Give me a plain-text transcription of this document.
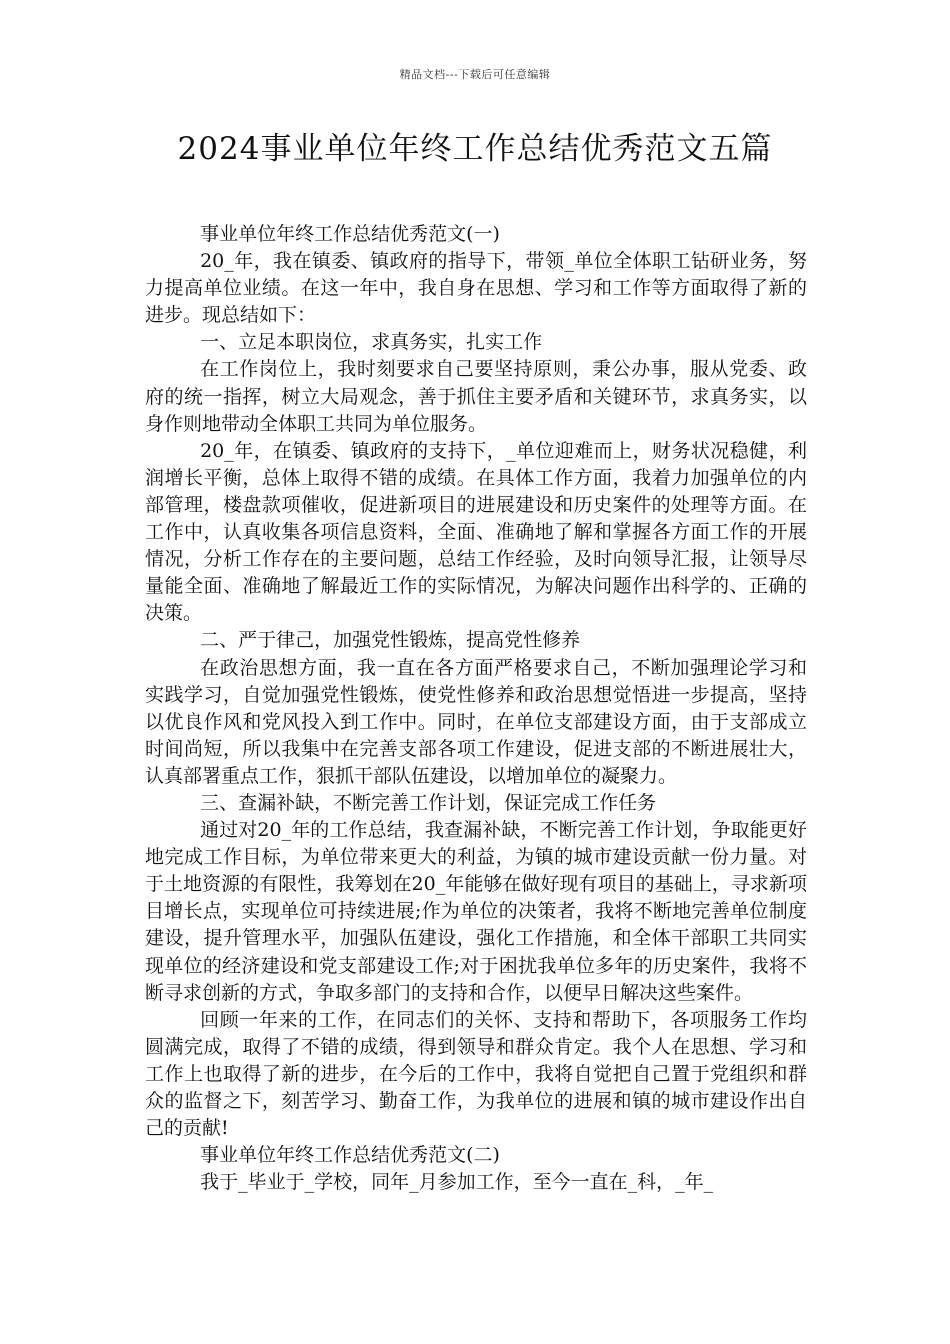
精品文档---下载后可任意编辑
2024事业单位年终工作总结优秀范文五篇

事业单位年终工作总结优秀范文(一)

20_年，我在镇委、镇政府的指导下，带领_单位全体职工钻研业务，努力提高单位业绩。在这一年中，我自身在思想、学习和工作等方面取得了新的进步。现总结如下：

一、立足本职岗位，求真务实，扎实工作

在工作岗位上，我时刻要求自己要坚持原则，秉公办事，服从党委、政府的统一指挥，树立大局观念，善于抓住主要矛盾和关键环节，求真务实，以身作则地带动全体职工共同为单位服务。

20_年，在镇委、镇政府的支持下，_单位迎难而上，财务状况稳健，利润增长平衡，总体上取得不错的成绩。在具体工作方面，我着力加强单位的内部管理，楼盘款项催收，促进新项目的进展建设和历史案件的处理等方面。在工作中，认真收集各项信息资料，全面、准确地了解和掌握各方面工作的开展情况，分析工作存在的主要问题，总结工作经验，及时向领导汇报，让领导尽量能全面、准确地了解最近工作的实际情况，为解决问题作出科学的、正确的决策。

二、严于律己，加强党性锻炼，提高党性修养

在政治思想方面，我一直在各方面严格要求自己，不断加强理论学习和实践学习，自觉加强党性锻炼，使党性修养和政治思想觉悟进一步提高，坚持以优良作风和党风投入到工作中。同时，在单位支部建设方面，由于支部成立时间尚短，所以我集中在完善支部各项工作建设，促进支部的不断进展壮大，认真部署重点工作，狠抓干部队伍建设，以增加单位的凝聚力。

三、查漏补缺，不断完善工作计划，保证完成工作任务

通过对20_年的工作总结，我查漏补缺，不断完善工作计划，争取能更好地完成工作目标，为单位带来更大的利益，为镇的城市建设贡献一份力量。对于土地资源的有限性，我筹划在20_年能够在做好现有项目的基础上，寻求新项目增长点，实现单位可持续进展;作为单位的决策者，我将不断地完善单位制度建设，提升管理水平，加强队伍建设，强化工作措施，和全体干部职工共同实现单位的经济建设和党支部建设工作;对于困扰我单位多年的历史案件，我将不断寻求创新的方式，争取多部门的支持和合作，以便早日解决这些案件。

回顾一年来的工作，在同志们的关怀、支持和帮助下，各项服务工作均圆满完成，取得了不错的成绩，得到领导和群众肯定。我个人在思想、学习和工作上也取得了新的进步，在今后的工作中，我将自觉把自己置于党组织和群众的监督之下，刻苦学习、勤奋工作，为我单位的进展和镇的城市建设作出自己的贡献!

事业单位年终工作总结优秀范文(二)

我于_毕业于_学校，同年_月参加工作，至今一直在_科，_年_
